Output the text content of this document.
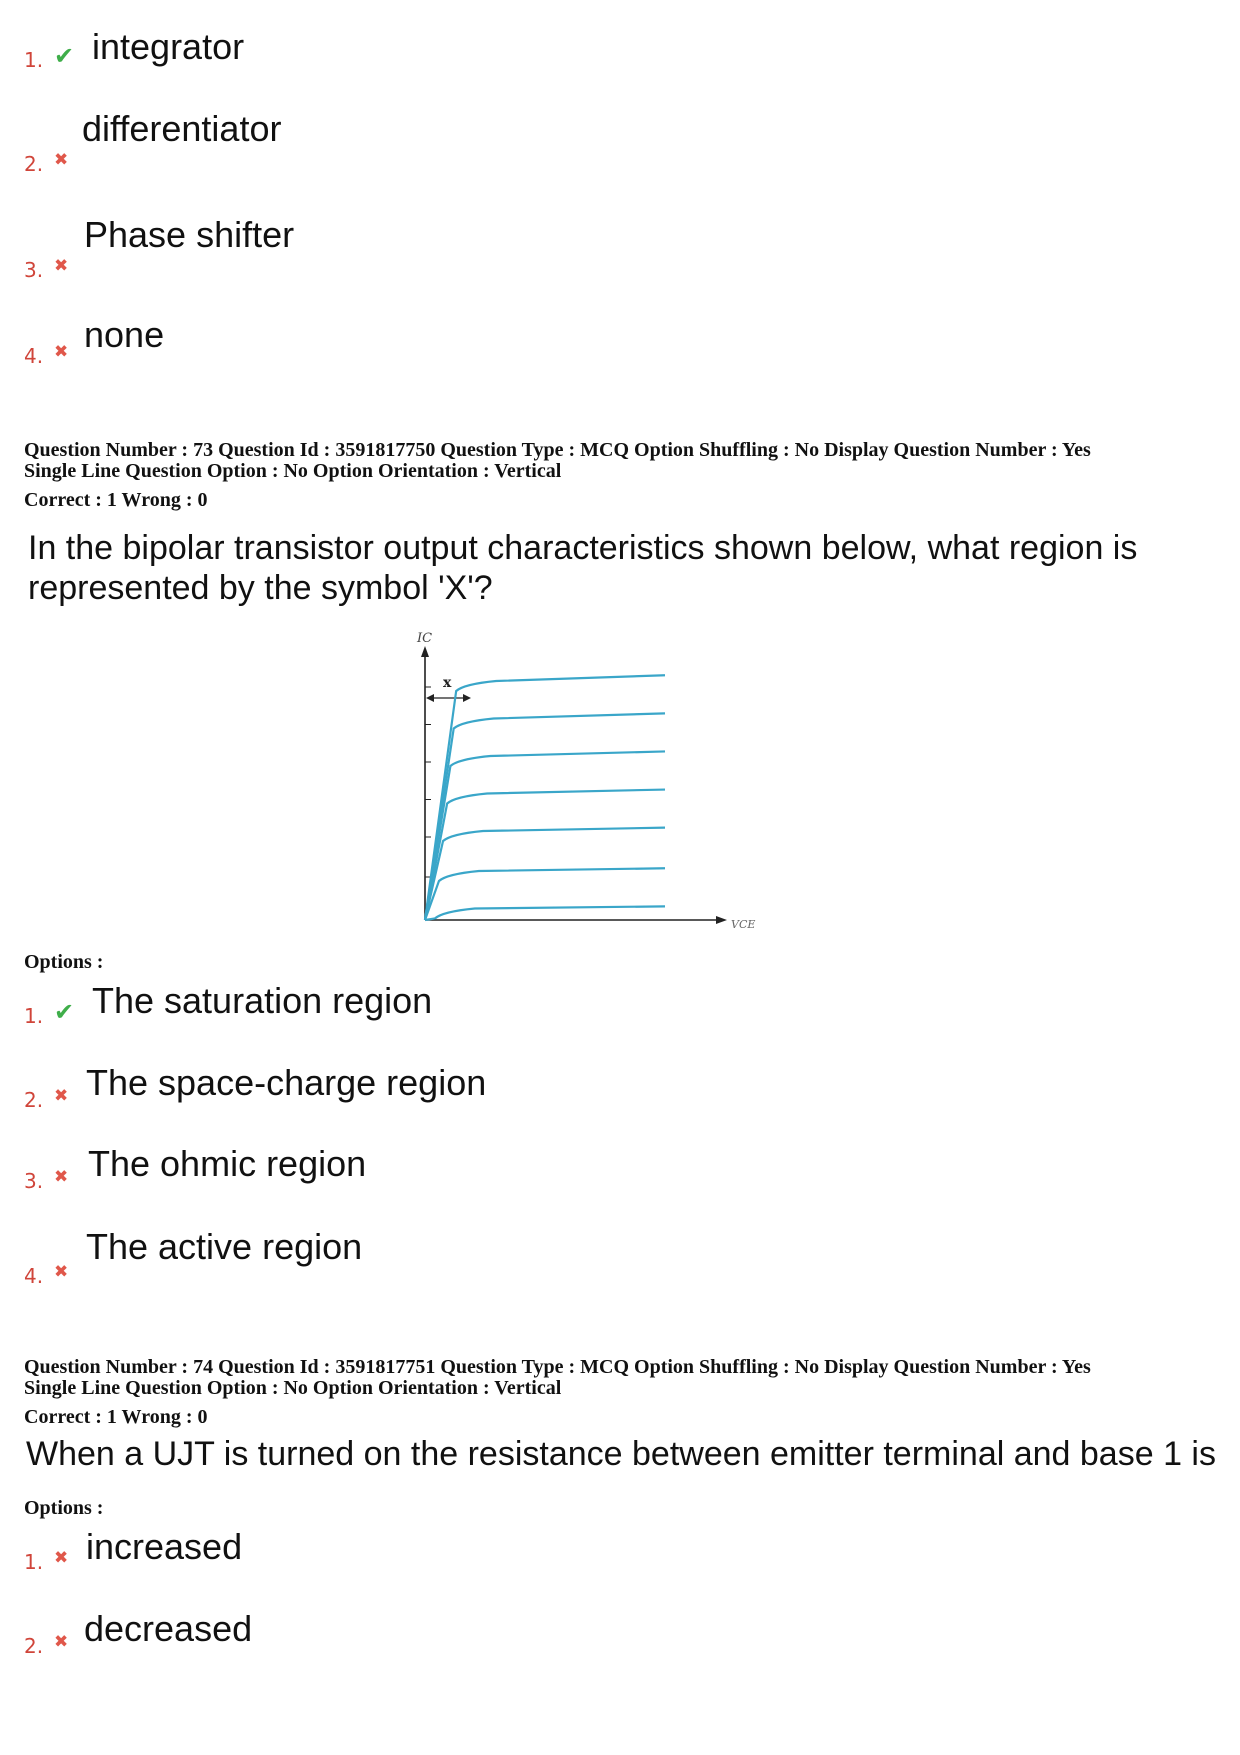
1. ✔ integrator
2. ✖
differentiator
3. ✖
Phase shifter
4. ✖ none
Question Number : 73 Question Id : 3591817750 Question Type : MCQ Option Shuffling : No Display Question Number : Yes
Single Line Question Option : No Option Orientation : Vertical
Correct : 1 Wrong : 0
In the bipolar transistor output characteristics shown below, what region is
represented by the symbol 'X'?
IC
VCE
x
Options :
1. ✔ The saturation region
2. ✖ The space-charge region
3. ✖ The ohmic region
4. ✖
The active region
Question Number : 74 Question Id : 3591817751 Question Type : MCQ Option Shuffling : No Display Question Number : Yes
Single Line Question Option : No Option Orientation : Vertical
Correct : 1 Wrong : 0
When a UJT is turned on the resistance between emitter terminal and base 1 is
Options :
1. ✖ increased
2. ✖ decreased
